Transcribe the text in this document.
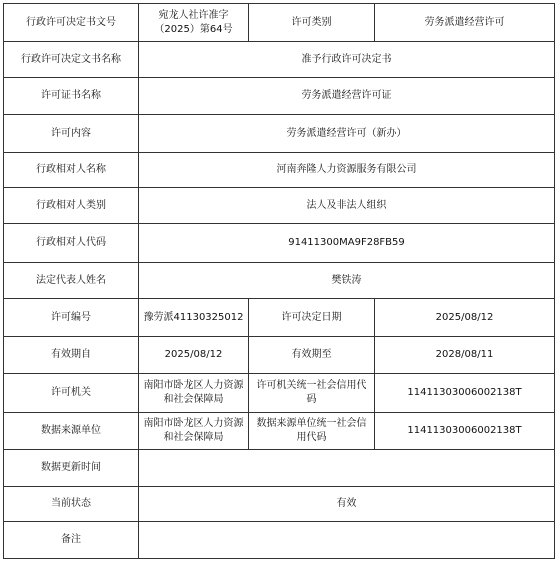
行政许可决定书文号	宛龙人社许准字（2025）第64号	许可类别	劳务派遣经营许可
行政许可决定文书名称	准予行政许可决定书		
许可证书名称	劳务派遣经营许可证		
许可内容	劳务派遣经营许可（新办）		
行政相对人名称	河南奔隆人力资源服务有限公司		
行政相对人类别	法人及非法人组织		
行政相对人代码	91411300MA9F28FB59		
法定代表人姓名	樊铁涛		
许可编号	豫劳派41130325012	许可决定日期	2025/08/12
有效期自	2025/08/12	有效期至	2028/08/11
许可机关	南阳市卧龙区人力资源和社会保障局	许可机关统一社会信用代码	11411303006002138T
数据来源单位	南阳市卧龙区人力资源和社会保障局	数据来源单位统一社会信用代码	11411303006002138T
数据更新时间			
当前状态	有效		
备注			
